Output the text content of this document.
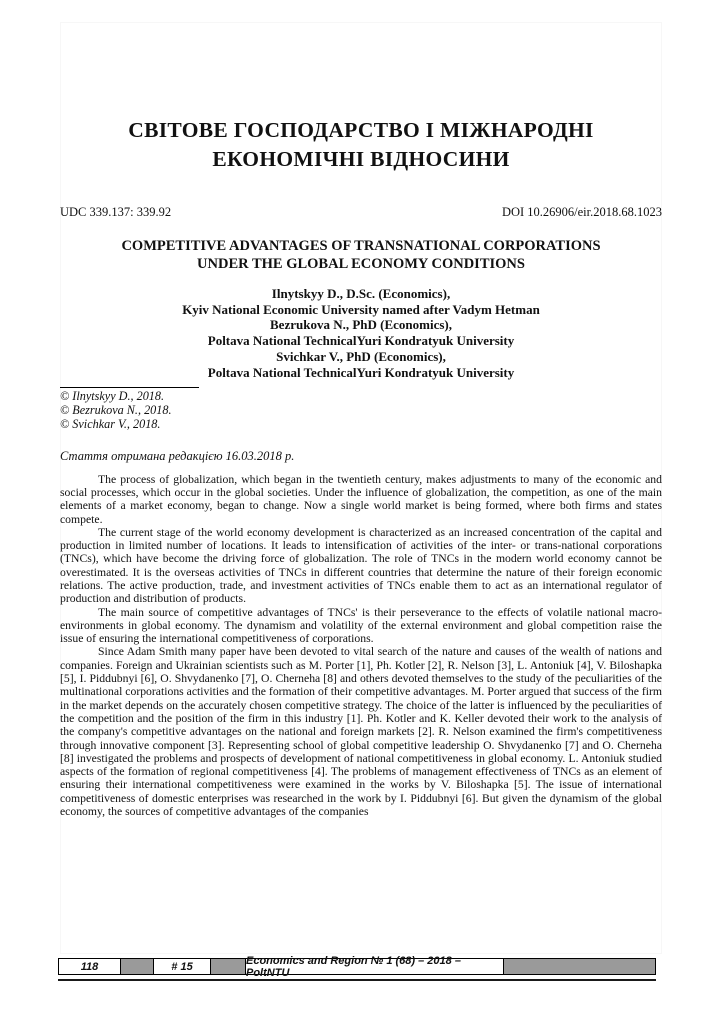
СВІТОВЕ ГОСПОДАРСТВО І МІЖНАРОДНІ
ЕКОНОМІЧНІ ВІДНОСИНИ
UDC 339.137: 339.92	DOI 10.26906/eir.2018.68.1023
COMPETITIVE ADVANTAGES OF TRANSNATIONAL CORPORATIONS
UNDER THE GLOBAL ECONOMY CONDITIONS
Ilnytskyy D., D.Sc. (Economics),
Kyiv National Economic University named after Vadym Hetman
Bezrukova N., PhD (Economics),
Poltava National TechnicalYuri Kondratyuk University
Svichkar V., PhD (Economics),
Poltava National TechnicalYuri Kondratyuk University
© Ilnytskyy D., 2018.
© Bezrukova N., 2018.
© Svichkar V., 2018.
Стаття отримана редакцією 16.03.2018 р.

The process of globalization, which began in the twentieth century, makes adjustments to many of the economic and social processes, which occur in the global societies. Under the influence of globalization, the competition, as one of the main elements of a market economy, began to change. Now a single world market is being formed, where both firms and states compete.

The current stage of the world economy development is characterized as an increased concentration of the capital and production in limited number of locations. It leads to intensification of activities of the inter- or trans-national corporations (TNCs), which have become the driving force of globalization. The role of TNCs in the modern world economy cannot be overestimated. It is the overseas activities of TNCs in different countries that determine the nature of their foreign economic relations. The active production, trade, and investment activities of TNCs enable them to act as an international regulator of production and distribution of products.

The main source of competitive advantages of TNCs' is their perseverance to the effects of volatile national macro-environments in global economy. The dynamism and volatility of the external environment and global competition raise the issue of ensuring the international competitiveness of corporations.

Since Adam Smith many paper have been devoted to vital search of the nature and causes of the wealth of nations and companies. Foreign and Ukrainian scientists such as M. Porter [1], Ph. Kotler [2], R. Nelson [3], L. Antoniuk [4], V. Biloshapka [5], I. Piddubnyi [6], O. Shvydanenko [7], O. Cherneha [8] and others devoted themselves to the study of the peculiarities of the multinational corporations activities and the formation of their competitive advantages. M. Porter argued that success of the firm in the market depends on the accurately chosen competitive strategy. The choice of the latter is influenced by the peculiarities of the competition and the position of the firm in this industry [1]. Ph. Kotler and K. Keller devoted their work to the analysis of the company's competitive advantages on the national and foreign markets [2]. R. Nelson examined the firm's competitiveness through innovative component [3]. Representing school of global competitive leadership O. Shvydanenko [7] and O. Cherneha [8] investigated the problems and prospects of development of national competitiveness in global economy. L. Antoniuk studied aspects of the formation of regional competitiveness [4]. The problems of management effectiveness of TNCs as an element of ensuring their international competitiveness were examined in the works by V. Biloshapka [5]. The issue of international competitiveness of domestic enterprises was researched in the work by I. Piddubnyi [6]. But given the dynamism of the global economy, the sources of competitive advantages of the companies

118	# 15	Economics and Region № 1 (68) – 2018 – PoltNTU
